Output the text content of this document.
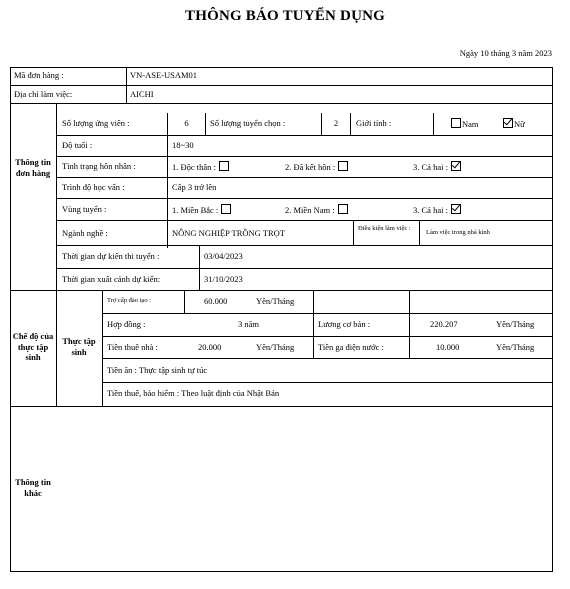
THÔNG BÁO TUYỂN DỤNG
Ngày 10 tháng 3 năm 2023
Mã đơn hàng :	VN-ASE-USAM01
Địa chỉ làm việc:	AICHI
Thông tin đơn hàng
Số lượng ứng viên :	6	Số lượng tuyển chọn :	2	Giới tính :	Nam	Nữ
Độ tuổi :	18~30
Tình trạng hôn nhân :	1. Độc thân :	2. Đã kết hôn :	3. Cả hai :
Trình độ học vấn :	Cấp 3 trở lên
Vùng tuyển :	1. Miền Bắc :	2. Miền Nam :	3. Cả hai :
Ngành nghề :	NÔNG NGHIỆP TRỒNG TRỌT	Điều kiện làm việc :
Làm việc trong nhà kính
Thời gian dự kiến thi tuyển :	03/04/2023
Thời gian xuất cảnh dự kiến:	31/10/2023
Chế độ của thực tập sinh
Thực tập sinh
Trợ cấp đào tạo :	60.000	Yên/Tháng
Hợp đồng :	3 năm	Lương cơ bản :	220.207	Yên/Tháng
Tiền thuê nhà :	20.000	Yên/Tháng	Tiền ga điện nước :	10.000	Yên/Tháng
Tiền ăn : Thực tập sinh tự túc
Tiền thuế, bảo hiểm : Theo luật định của Nhật Bản
Thông tin khác
